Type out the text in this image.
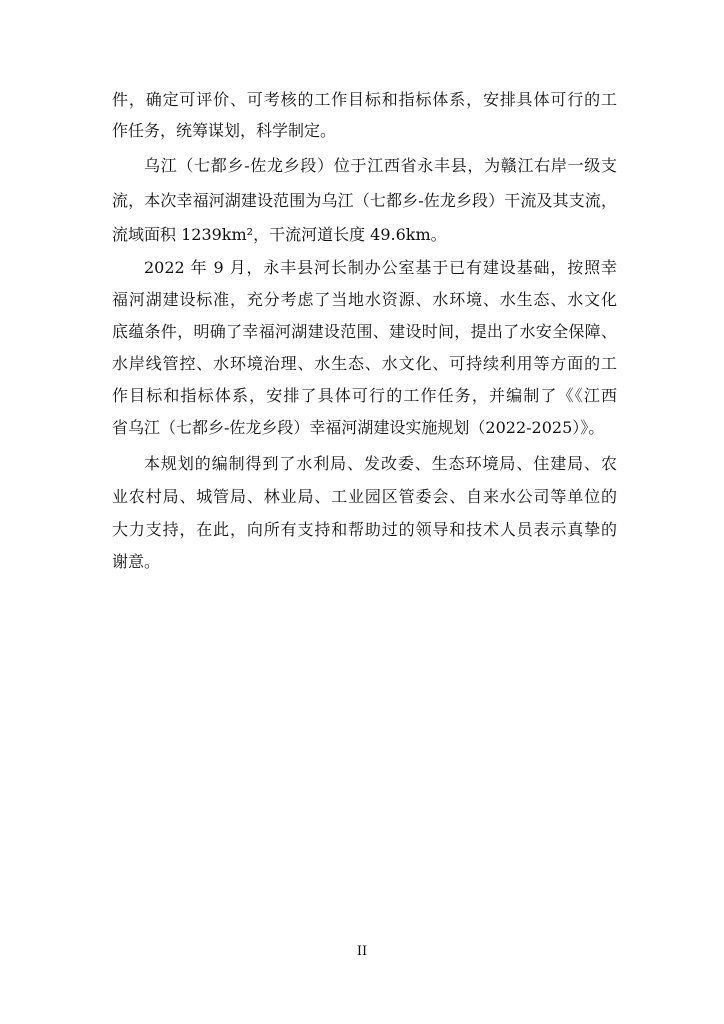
件，确定可评价、可考核的工作目标和指标体系，安排具体可行的工
作任务，统筹谋划，科学制定。
乌江（七都乡-佐龙乡段）位于江西省永丰县，为赣江右岸一级支
流，本次幸福河湖建设范围为乌江（七都乡-佐龙乡段）干流及其支流，
流域面积 1239km²，干流河道长度 49.6km。
2022 年 9 月，永丰县河长制办公室基于已有建设基础，按照幸
福河湖建设标准，充分考虑了当地水资源、水环境、水生态、水文化
底蕴条件，明确了幸福河湖建设范围、建设时间，提出了水安全保障、
水岸线管控、水环境治理、水生态、水文化、可持续利用等方面的工
作目标和指标体系，安排了具体可行的工作任务，并编制了《《江西
省乌江（七都乡-佐龙乡段）幸福河湖建设实施规划（2022-2025）》。
本规划的编制得到了水利局、发改委、生态环境局、住建局、农
业农村局、城管局、林业局、工业园区管委会、自来水公司等单位的
大力支持，在此，向所有支持和帮助过的领导和技术人员表示真挚的
谢意。
II
